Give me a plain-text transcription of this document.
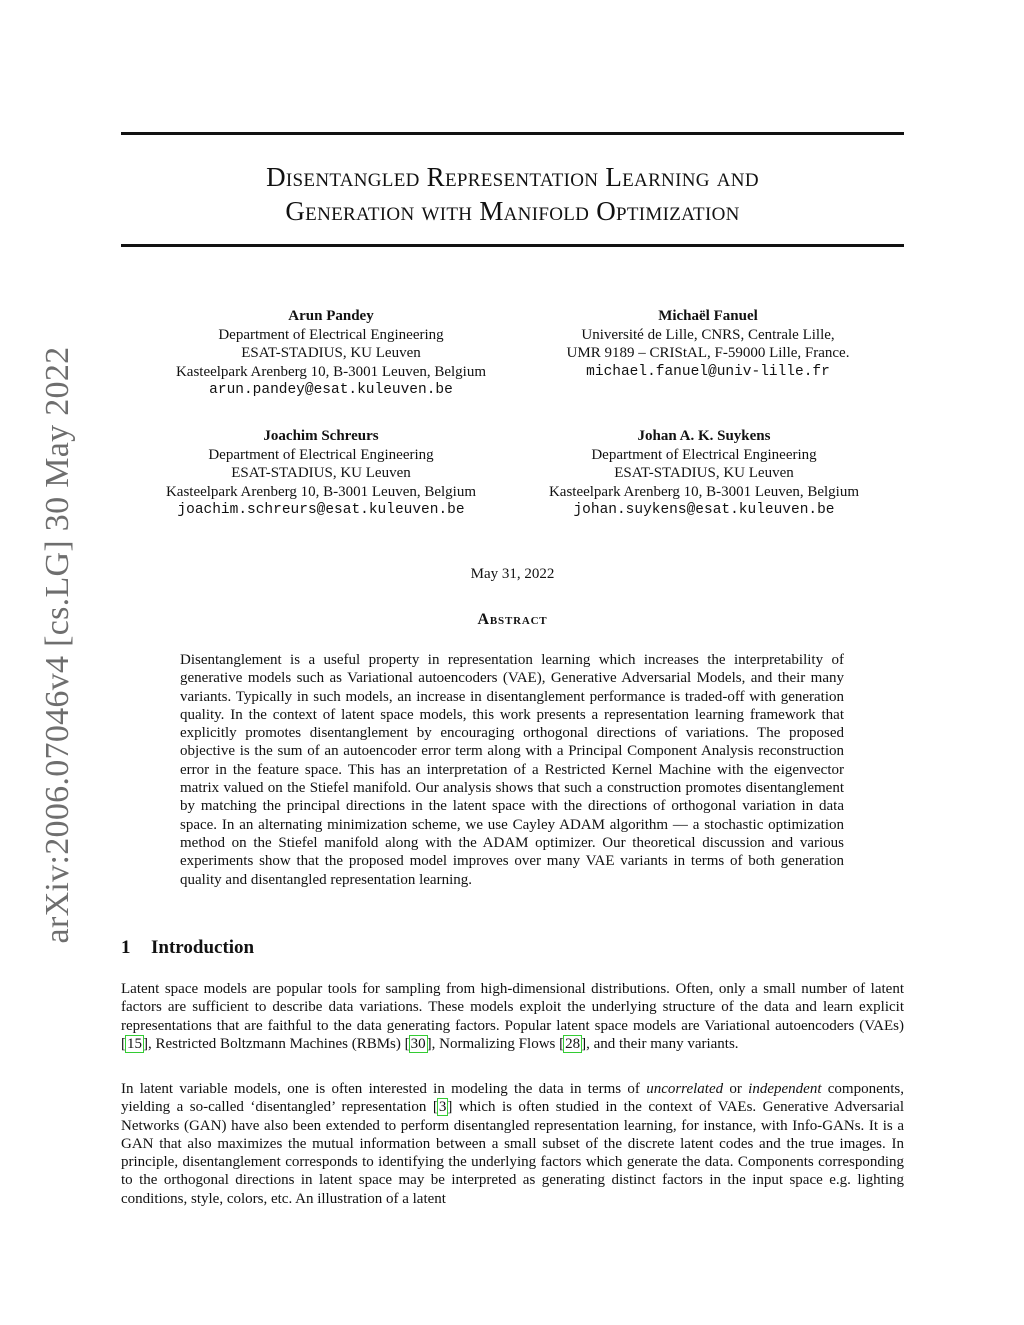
Disentangled Representation Learning and
Generation with Manifold Optimization
arXiv:2006.07046v4 [cs.LG] 30 May 2022
Arun Pandey
Department of Electrical Engineering
ESAT-STADIUS, KU Leuven
Kasteelpark Arenberg 10, B-3001 Leuven, Belgium
arun.pandey@esat.kuleuven.be
Michaël Fanuel
Université de Lille, CNRS, Centrale Lille,
UMR 9189 – CRIStAL, F-59000 Lille, France.
michael.fanuel@univ-lille.fr
Joachim Schreurs
Department of Electrical Engineering
ESAT-STADIUS, KU Leuven
Kasteelpark Arenberg 10, B-3001 Leuven, Belgium
joachim.schreurs@esat.kuleuven.be
Johan A. K. Suykens
Department of Electrical Engineering
ESAT-STADIUS, KU Leuven
Kasteelpark Arenberg 10, B-3001 Leuven, Belgium
johan.suykens@esat.kuleuven.be
May 31, 2022
Abstract
Disentanglement is a useful property in representation learning which increases the interpretability of generative models such as Variational autoencoders (VAE), Generative Adversarial Models, and their many variants. Typically in such models, an increase in disentanglement performance is traded-off with generation quality. In the context of latent space models, this work presents a representation learning framework that explicitly promotes disentanglement by encouraging orthogonal directions of variations. The proposed objective is the sum of an autoencoder error term along with a Principal Component Analysis reconstruction error in the feature space. This has an interpretation of a Restricted Kernel Machine with the eigenvector matrix valued on the Stiefel manifold. Our analysis shows that such a construction promotes disentanglement by matching the principal directions in the latent space with the directions of orthogonal variation in data space. In an alternating minimization scheme, we use Cayley ADAM algorithm — a stochastic optimization method on the Stiefel manifold along with the ADAM optimizer. Our theoretical discussion and various experiments show that the proposed model improves over many VAE variants in terms of both generation quality and disentangled representation learning.
1 Introduction
Latent space models are popular tools for sampling from high-dimensional distributions. Often, only a small number of latent factors are sufficient to describe data variations. These models exploit the underlying structure of the data and learn explicit representations that are faithful to the data generating factors. Popular latent space models are Variational autoencoders (VAEs) [15], Restricted Boltzmann Machines (RBMs) [30], Normalizing Flows [28], and their many variants.
In latent variable models, one is often interested in modeling the data in terms of uncorrelated or independent components, yielding a so-called ‘disentangled’ representation [3] which is often studied in the context of VAEs. Generative Adversarial Networks (GAN) have also been extended to perform disentangled representation learning, for instance, with Info-GANs. It is a GAN that also maximizes the mutual information between a small subset of the discrete latent codes and the true images. In principle, disentanglement corresponds to identifying the underlying factors which generate the data. Components corresponding to the orthogonal directions in latent space may be interpreted as generating distinct factors in the input space e.g. lighting conditions, style, colors, etc. An illustration of a latent
